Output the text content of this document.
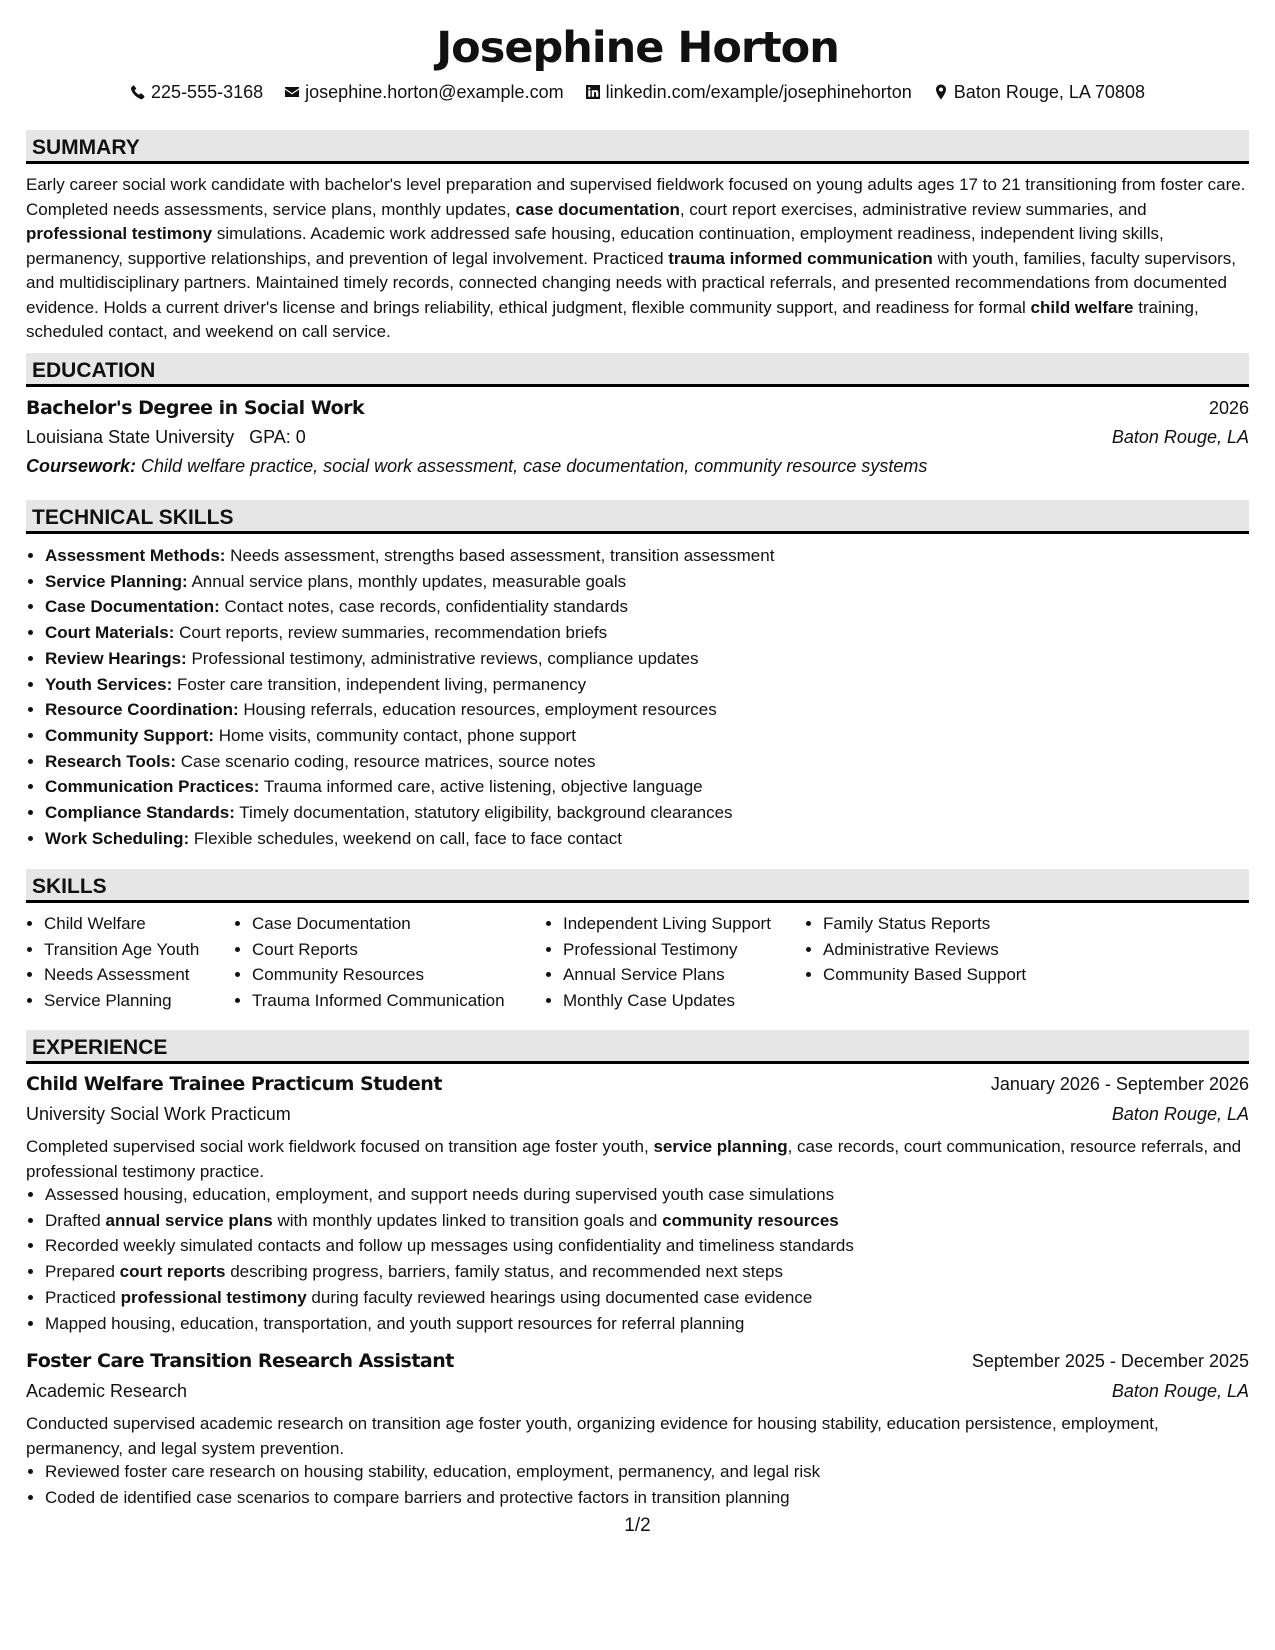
Josephine Horton
225-555-3168 josephine.horton@example.com linkedin.com/example/josephinehorton Baton Rouge, LA 70808
SUMMARY

Early career social work candidate with bachelor's level preparation and supervised fieldwork focused on young adults ages 17 to 21 transitioning from foster care. Completed needs assessments, service plans, monthly updates, case documentation, court report exercises, administrative review summaries, and professional testimony simulations. Academic work addressed safe housing, education continuation, employment readiness, independent living skills, permanency, supportive relationships, and prevention of legal involvement. Practiced trauma informed communication with youth, families, faculty supervisors, and multidisciplinary partners. Maintained timely records, connected changing needs with practical referrals, and presented recommendations from documented evidence. Holds a current driver's license and brings reliability, ethical judgment, flexible community support, and readiness for formal child welfare training, scheduled contact, and weekend on call service.

EDUCATION
Bachelor's Degree in Social Work	2026
Louisiana State University GPA: 0	Baton Rouge, LA
Coursework: Child welfare practice, social work assessment, case documentation, community resource systems
TECHNICAL SKILLS
• Assessment Methods: Needs assessment, strengths based assessment, transition assessment
• Service Planning: Annual service plans, monthly updates, measurable goals
• Case Documentation: Contact notes, case records, confidentiality standards
• Court Materials: Court reports, review summaries, recommendation briefs
• Review Hearings: Professional testimony, administrative reviews, compliance updates
• Youth Services: Foster care transition, independent living, permanency
• Resource Coordination: Housing referrals, education resources, employment resources
• Community Support: Home visits, community contact, phone support
• Research Tools: Case scenario coding, resource matrices, source notes
• Communication Practices: Trauma informed care, active listening, objective language
• Compliance Standards: Timely documentation, statutory eligibility, background clearances
• Work Scheduling: Flexible schedules, weekend on call, face to face contact
SKILLS
• Child Welfare
• Transition Age Youth
• Needs Assessment
• Service Planning
• Case Documentation
• Court Reports
• Community Resources
• Trauma Informed Communication
• Independent Living Support
• Professional Testimony
• Annual Service Plans
• Monthly Case Updates
• Family Status Reports
• Administrative Reviews
• Community Based Support
EXPERIENCE
Child Welfare Trainee Practicum Student	January 2026 - September 2026
University Social Work Practicum	Baton Rouge, LA

Completed supervised social work fieldwork focused on transition age foster youth, service planning, case records, court communication, resource referrals, and professional testimony practice.

• Assessed housing, education, employment, and support needs during supervised youth case simulations
• Drafted annual service plans with monthly updates linked to transition goals and community resources
• Recorded weekly simulated contacts and follow up messages using confidentiality and timeliness standards
• Prepared court reports describing progress, barriers, family status, and recommended next steps
• Practiced professional testimony during faculty reviewed hearings using documented case evidence
• Mapped housing, education, transportation, and youth support resources for referral planning
Foster Care Transition Research Assistant	September 2025 - December 2025
Academic Research	Baton Rouge, LA

Conducted supervised academic research on transition age foster youth, organizing evidence for housing stability, education persistence, employment, permanency, and legal system prevention.

• Reviewed foster care research on housing stability, education, employment, permanency, and legal risk
• Coded de identified case scenarios to compare barriers and protective factors in transition planning
1/2
